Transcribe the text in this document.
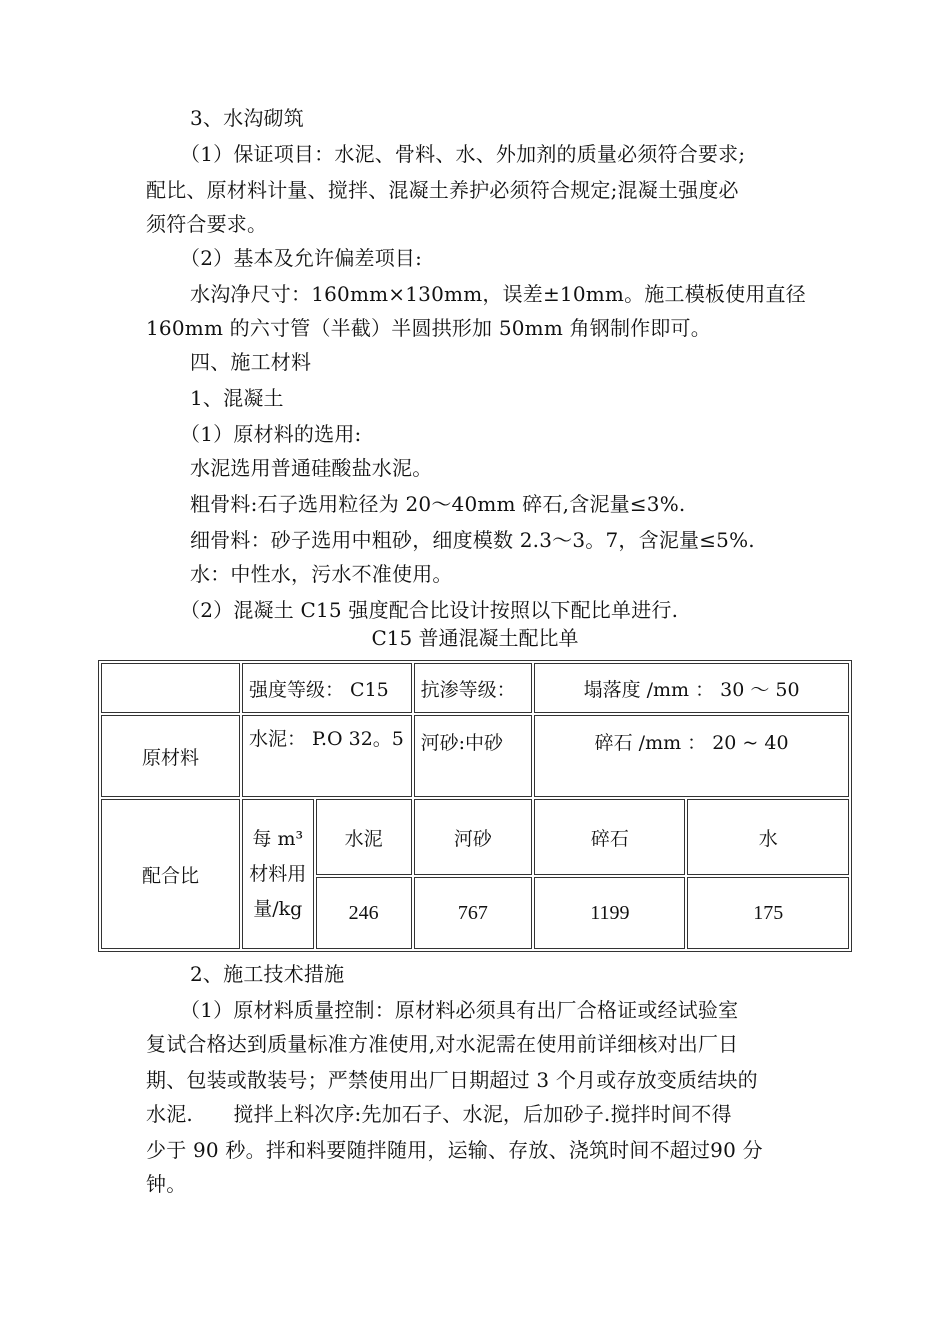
3、水沟砌筑
（1）保证项目：水泥、骨料、水、外加剂的质量必须符合要求;
配比、原材料计量、搅拌、混凝土养护必须符合规定;混凝土强度必
须符合要求。
（2）基本及允许偏差项目:
水沟净尺寸：160mm×130mm，误差±10mm。施工模板使用直径
160mm 的六寸管（半截）半圆拱形加 50mm 角钢制作即可。
四、施工材料
1、混凝土
（1）原材料的选用:
水泥选用普通硅酸盐水泥。
粗骨料:石子选用粒径为 20～40mm 碎石,含泥量≤3%.
细骨料：砂子选用中粗砂，细度模数 2.3～3。7，含泥量≤5%.
水：中性水，污水不准使用。
（2）混凝土 C15 强度配合比设计按照以下配比单进行.
C15 普通混凝土配比单
	强度等级： C15		抗渗等级：	塌落度 /mm ： 30 ～ 50	
原材料	水泥： P.O 32。5		河砂:中砂	碎石 /mm ： 20 ~ 40	
配合比	每 m³ 材料用量/kg	水泥	河砂	碎石	水
		246	767	1199	175
2、施工技术措施
（1）原材料质量控制：原材料必须具有出厂合格证或经试验室
复试合格达到质量标准方准使用,对水泥需在使用前详细核对出厂日
期、包装或散装号；严禁使用出厂日期超过 3 个月或存放变质结块的
水泥.　　搅拌上料次序:先加石子、水泥，后加砂子.搅拌时间不得
少于 90 秒。拌和料要随拌随用，运输、存放、浇筑时间不超过90 分
钟。
